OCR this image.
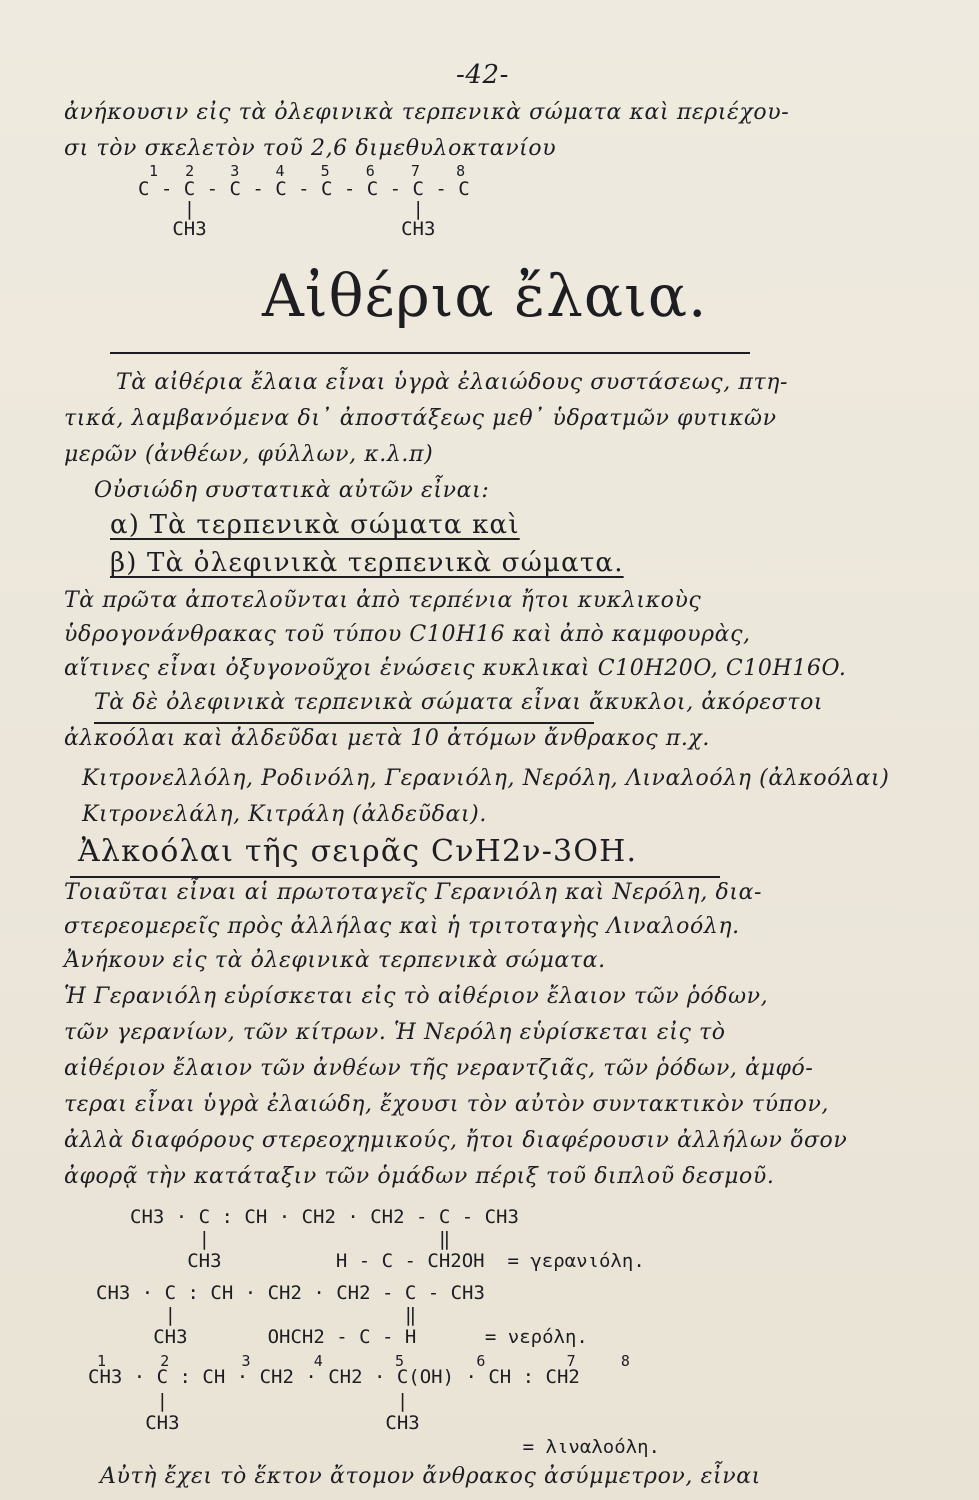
-42-
ἀνήκουσιν εἰς τὰ ὀλεφινικὰ τερπενικὰ σώματα καὶ περιέχου-
σι τὸν σκελετὸν τοῦ 2,6 διμεθυλοκτανίου
1   2    3    4    5    6    7    8
C - C - C - C - C - C - C - C
|                   |
CH3                 CH3
Αἰθέρια ἔλαια.
Τὰ αἰθέρια ἔλαια εἶναι ὑγρὰ ἐλαιώδους συστάσεως, πτη-
τικά, λαμβανόμενα δι᾽ ἀποστάξεως μεθ᾽ ὑδρατμῶν φυτικῶν
μερῶν (ἀνθέων, φύλλων, κ.λ.π)
Οὐσιώδη συστατικὰ αὐτῶν εἶναι:
α) Τὰ τερπενικὰ σώματα καὶ
β) Τὰ ὀλεφινικὰ τερπενικὰ σώματα.
Τὰ πρῶτα ἀποτελοῦνται ἀπὸ τερπένια ἤτοι κυκλικοὺς
ὑδρογονάνθρακας τοῦ τύπου C10H16 καὶ ἀπὸ καμφουρὰς,
αἵτινες εἶναι ὀξυγονοῦχοι ἑνώσεις κυκλικαὶ C10H20O, C10H16O.
Τὰ δὲ ὀλεφινικὰ τερπενικὰ σώματα εἶναι ἄκυκλοι, ἀκόρεστοι
ἀλκοόλαι καὶ ἀλδεῦδαι μετὰ 10 ἀτόμων ἄνθρακος π.χ.
Κιτρονελλόλη, Ροδινόλη, Γερανιόλη, Νερόλη, Λιναλοόλη (ἀλκοόλαι)
Κιτρονελάλη, Κιτράλη (ἀλδεῦδαι).
Ἀλκοόλαι τῆς σειρᾶς CνH2ν-3OH.
Τοιαῦται εἶναι αἱ πρωτοταγεῖς Γερανιόλη καὶ Νερόλη, δια-
στερεομερεῖς πρὸς ἀλλήλας καὶ ἡ τριτοταγὴς Λιναλοόλη.
Ἀνήκουν εἰς τὰ ὀλεφινικὰ τερπενικὰ σώματα.
Ἡ Γερανιόλη εὑρίσκεται εἰς τὸ αἰθέριον ἔλαιον τῶν ῥόδων,
τῶν γερανίων, τῶν κίτρων. Ἡ Νερόλη εὑρίσκεται εἰς τὸ
αἰθέριον ἔλαιον τῶν ἀνθέων τῆς νεραντζιᾶς, τῶν ῥόδων, ἀμφό-
τεραι εἶναι ὑγρὰ ἐλαιώδη, ἔχουσι τὸν αὐτὸν συντακτικὸν τύπον,
ἀλλὰ διαφόρους στερεοχημικούς, ἤτοι διαφέρουσιν ἀλλήλων ὅσον
ἀφορᾷ τὴν κατάταξιν τῶν ὁμάδων πέριξ τοῦ διπλοῦ δεσμοῦ.
CH3 · C : CH · CH2 · CH2 - C - CH3
|                    ‖
CH3          H - C - CH2OH  = γερανιόλη.
CH3 · C : CH · CH2 · CH2 - C - CH3
|                    ‖
CH3       OHCH2 - C - H      = νερόλη.
1      2        3       4        5        6         7     8
CH3 · C : CH · CH2 · CH2 · C(OH) · CH : CH2
|                    |
CH3                  CH3
= λιναλοόλη.
Αὐτὴ ἔχει τὸ ἕκτον ἄτομον ἄνθρακος ἀσύμμετρον, εἶναι
